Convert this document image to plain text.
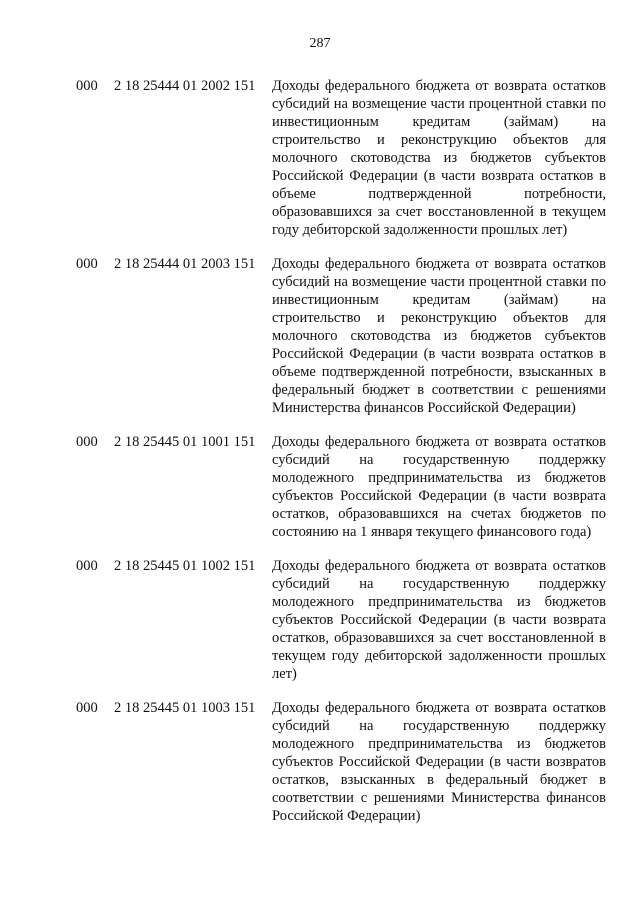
287
000 2 18 25444 01 2002 151 Доходы федерального бюджета от возврата остатков субсидий на возмещение части процентной ставки по инвестиционным кредитам (займам) на строительство и реконструкцию объектов для молочного скотоводства из бюджетов субъектов Российской Федерации (в части возврата остатков в объеме подтвержденной потребности, образовавшихся за счет восстановленной в текущем году дебиторской задолженности прошлых лет)
000 2 18 25444 01 2003 151 Доходы федерального бюджета от возврата остатков субсидий на возмещение части процентной ставки по инвестиционным кредитам (займам) на строительство и реконструкцию объектов для молочного скотоводства из бюджетов субъектов Российской Федерации (в части возврата остатков в объеме подтвержденной потребности, взысканных в федеральный бюджет в соответствии с решениями Министерства финансов Российской Федерации)
000 2 18 25445 01 1001 151 Доходы федерального бюджета от возврата остатков субсидий на государственную поддержку молодежного предпринимательства из бюджетов субъектов Российской Федерации (в части возврата остатков, образовавшихся на счетах бюджетов по состоянию на 1 января текущего финансового года)
000 2 18 25445 01 1002 151 Доходы федерального бюджета от возврата остатков субсидий на государственную поддержку молодежного предпринимательства из бюджетов субъектов Российской Федерации (в части возврата остатков, образовавшихся за счет восстановленной в текущем году дебиторской задолженности прошлых лет)
000 2 18 25445 01 1003 151 Доходы федерального бюджета от возврата остатков субсидий на государственную поддержку молодежного предпринимательства из бюджетов субъектов Российской Федерации (в части возвратов остатков, взысканных в федеральный бюджет в соответствии с решениями Министерства финансов Российской Федерации)
